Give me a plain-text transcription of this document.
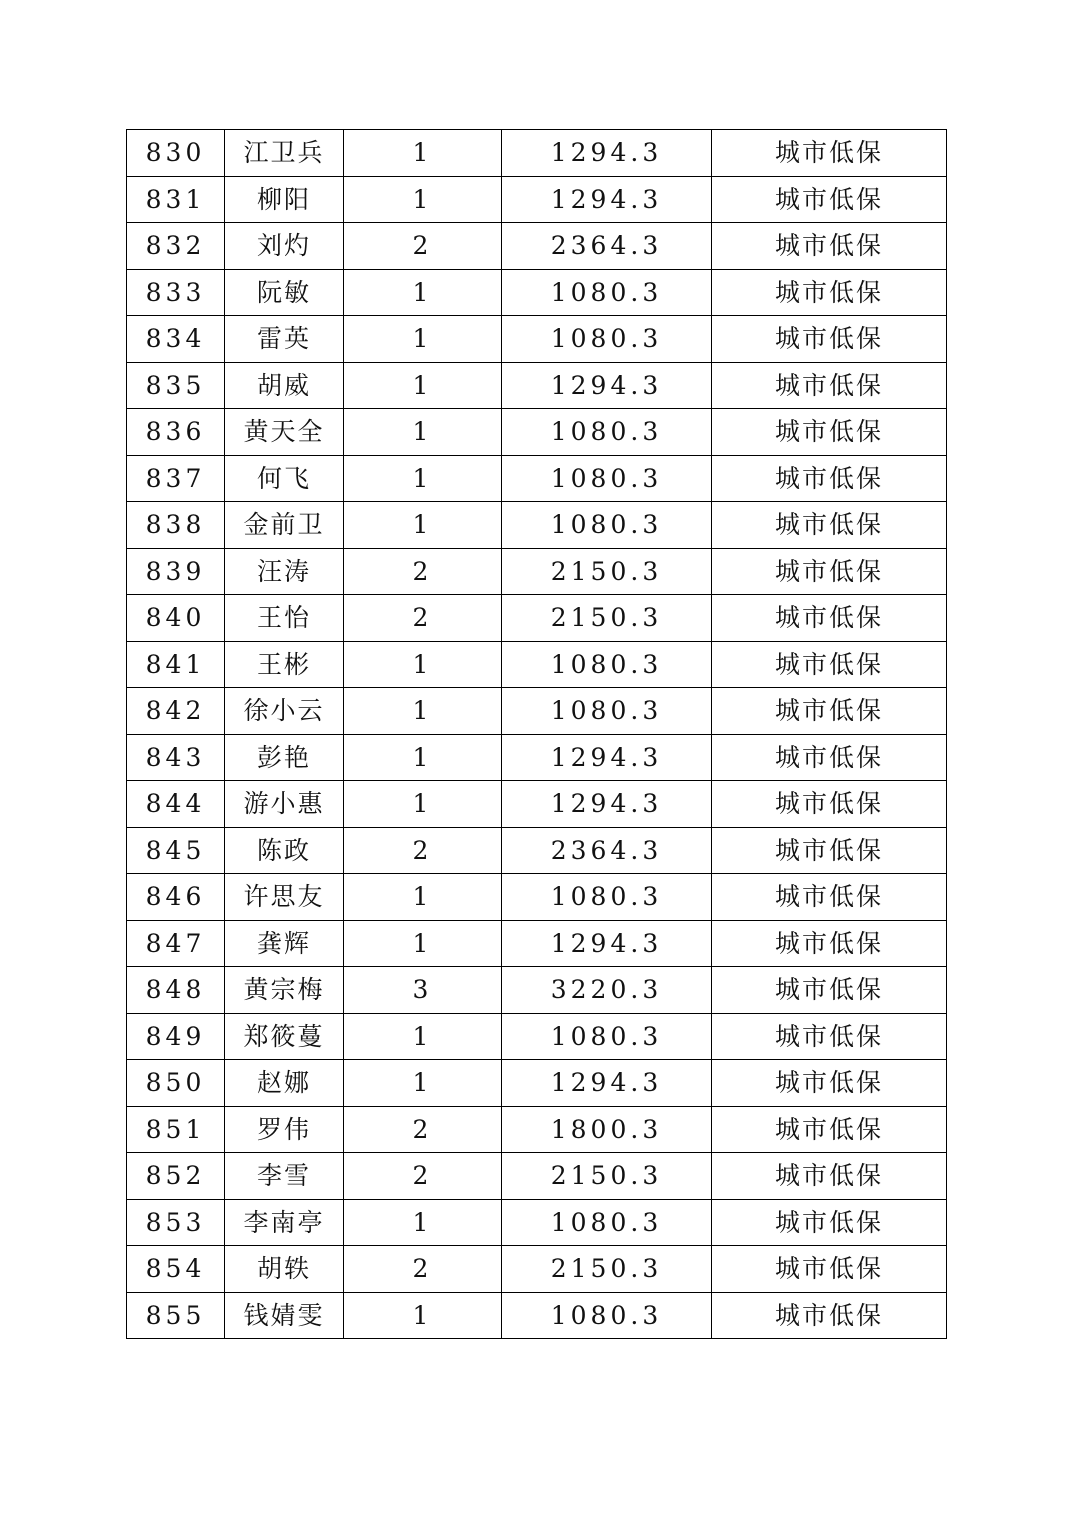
830	江卫兵	1	1294.3	城市低保
831	柳阳	1	1294.3	城市低保
832	刘灼	2	2364.3	城市低保
833	阮敏	1	1080.3	城市低保
834	雷英	1	1080.3	城市低保
835	胡威	1	1294.3	城市低保
836	黄天全	1	1080.3	城市低保
837	何飞	1	1080.3	城市低保
838	金前卫	1	1080.3	城市低保
839	汪涛	2	2150.3	城市低保
840	王怡	2	2150.3	城市低保
841	王彬	1	1080.3	城市低保
842	徐小云	1	1080.3	城市低保
843	彭艳	1	1294.3	城市低保
844	游小惠	1	1294.3	城市低保
845	陈政	2	2364.3	城市低保
846	许思友	1	1080.3	城市低保
847	龚辉	1	1294.3	城市低保
848	黄宗梅	3	3220.3	城市低保
849	郑筱蔓	1	1080.3	城市低保
850	赵娜	1	1294.3	城市低保
851	罗伟	2	1800.3	城市低保
852	李雪	2	2150.3	城市低保
853	李南亭	1	1080.3	城市低保
854	胡轶	2	2150.3	城市低保
855	钱婧雯	1	1080.3	城市低保
